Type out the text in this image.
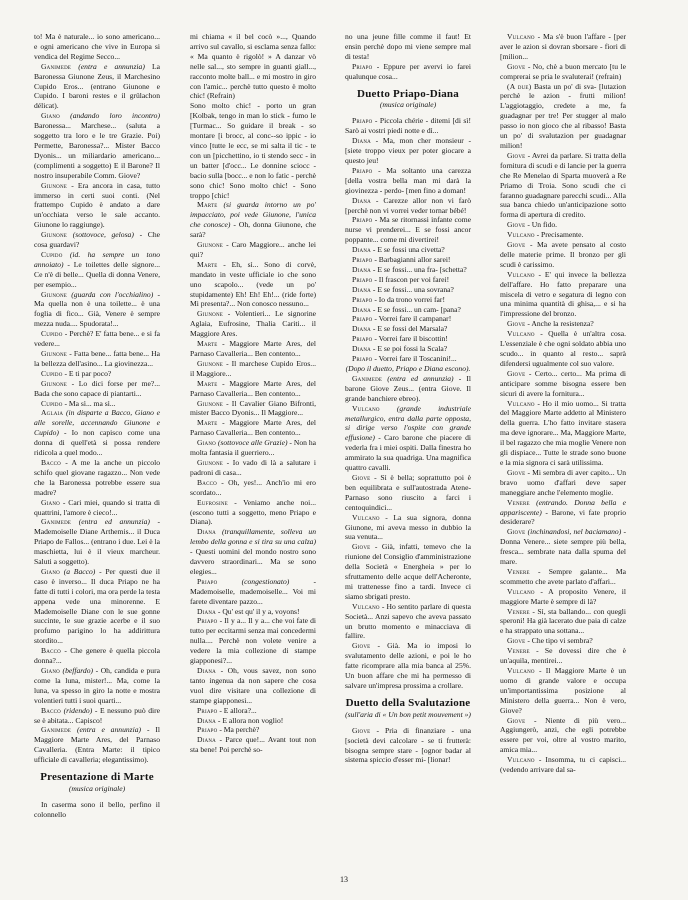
to! Ma è naturale... io sono americano... e ogni americano che vive in Europa si vendica del Regime Secco...

Ganimede (entra e annunzia) La Baronessa Giunone Zeus, il Marchesino Cupido Eros... (entranо Giunone e Cupido. I baroni restes e il grülachon délicat).

Giano (andando loro incontro) Baronessa... Marchese... (saluta a soggetto tra loro e le tre Grazie. Poi) Permette, Baronessa?... Mister Bacco Dyonis... un miliardario americano... (complimenti a soggetto) E il Barone? Il nostro insuperabile Comm. Giove?

Giunone - Era ancora in casa, tutto immerso in certi suoi conti. (Nel frattempo Cupido è andato a dare un'occhiata verso le sale accanto. Giunone lo raggiunge).

Giunone (sottovoce, gelosa) - Che cosa guardavi?

Cupido (id. ha sempre un tono annoiato) - Le toilettes delle signore... Ce n'è di belle... Quella di donna Venere, per esempio...

Giunone (guarda con l'occhialino) - Ma quella non è una toilette... è una foglia di fico... Già, Venere è sempre mezza nuda.... Spudorata!...

Cupido - Perchè? E' fatta bene... e si fa vedere...

Giunone - Fatta bene... fatta bene... Ha la bellezza dell'asino... La giovinezza...

Cupido - E ti par poco?

Giunone - Lo dici forse per me?... Bada che sono capace di piantarti...

Cupido - Ma sì... ma sì...

Aglaia (in disparte a Bacco, Giano e alle sorelle, accennando Giunone e Cupido) - Io non capisco come una donna di quell'età si possa rendere ridicola a quel modo...

Bacco - A me la anche un piccolo schifo quel giovane ragazzo... Non vede che la Baronessa potrebbe essere sua madre?

Giano - Cari miei, quando si tratta di quattrini, l'amore è cieco!...

Ganimede (entra ed annunzia) -Mademoiselle Diane Arthemis... il Duca Priapo de Fallos... (entrano i due. Lei è la maschietta, lui è il vieux marcheur. Saluti a soggetto).

Giano (a Bacco) - Per questi due il caso è inverso... Il duca Priapo ne ha fatte di tutti i colori, ma ora perde la testa appena vede una minorenne. E Mademoiselle Diane con le sue gonne succinte, le sue grazie acerbe e il suo profumo parigino lo ha addirittura stordito...

Bacco - Che genere è quella piccola donna?...

Giano (beffardo) - Oh, candida e pura come la luna, mister!... Ma, come la luna, va spesso in giro la notte e mostra volentieri tutti i suoi quarti...

Bacco (ridendo) - E nessuno può dire se è abitata... Capisco!

Ganimede (entra e annunzia) - Il Maggiore Marte Ares, del Parnaso Cavalleria. (Entra Marte: il tipico ufficiale di cavalleria; elegantissimo).

Presentazione di Marte
(musica originale)

In caserma sono il bello, perfino il colonnello

mi chiama « il bel cocò »..., Quando arrivo sul cavallo, si esclama senza fallo: « Ma quanto è rigolò! » A danzar vò nelle sal..., sto sempre in guanti giall..., racconto molte ball... e mi mostro in giro con l'amic... perchè tutto questo è molto chic! (Refrain)

Sono molto chic! - porto un gran [Kolbak, tengo in man lo stick - fumo le [Turmac... So guidare il break - so montare [i brocc, al conc--so ippic - io vinco [tutte le ecc, se mi salta il tic - te con un [picchettino, io ti stendo secc - in un batter [d'occ... Le donnine sciocc - bacio sulla [bocc... e non lo fatic - perchè sono chic! Sono molto chic! - Sono troppo [chic!

Marte (si guarda intorno un po' impacciato, poi vede Giunone, l'unica che conosce) - Oh, donna Giunone, che sarà?

Giunone - Caro Maggiore... anche lei qui?

Marte - Eh, sì... Sono di corvè, mandato in veste ufficiale io che sono uno scapolo... (vede un po' stupidamente) Eh! Eh! Eh!... (ride forte) Mi presenta?... Non conosco nessuno...

Giunone - Volentieri... Le signorine Aglaia, Eufrosine, Thalia Cariti... il Maggiore Ares.

Marte - Maggiore Marte Ares, del Parnaso Cavalleria... Ben contento...

Giunone - Il marchese Cupido Eros... il Maggiore...

Marte - Maggiore Marte Ares, del Parnaso Cavalleria... Ben contento...

Giunone - Il Cavalier Giano Bifronti, mister Bacco Dyonis... Il Maggiore...

Marte - Maggiore Marte Ares, del Parnaso Cavalleria... Ben contento...

Giano (sottovoce alle Grazie) - Non ha molta fantasia il guerriero...

Giunone - Io vado di là a salutare i padroni di casa...

Bacco - Oh, yes!... Anch'io mi ero scordato...

Eufrosine - Veniamo anche noi... (escono tutti a soggetto, meno Priapo e Diana).

Diana (tranquillamente, solleva un lembo della gonna e si tira su una calza) - Questi uomini del mondo nostro sono davvero straordinari... Ma se sono elegies...

Priapo	(congestionato)	- Mademoiselle, mademoiselle... Voi mi farete diventare pazzo...

Diana - Qu' est qu' il y a, voyons!

Priapo - Il y a... Il y a... che voi fate di tutto per eccitarmi senza mai concedermi nulla.... Perchè non volete venire a vedere la mia collezione di stampe giapponesi?...

Diana - Oh, vous savez, non sono tanto ingenua da non sapere che cosa vuol dire visitare una collezione di stampe giapponesi...

Priapo - E allora?...

Diana - E allora non voglio!

Priapo - Ma perchè?

Diana - Parce que!... Avant tout non sta bene! Poi perchè so-

no una jeune fille comme il faut! Et ensin perchè dopo mi viene sempre mal di testa!

Priapo - Eppure per avervi io farei qualunque cosa...

Duetto Priapo-Diana
(musica originale)

Priapo - Piccola chérie - ditemi [di sì! Sarò ai vostri piedi notte e dì...

Diana - Ma, mon cher monsieur - [siete troppo vieux per poter giocare a questo jeu!

Priapo - Ma soltanto una carezza [della vostra bella man mi darà la giovinezza - perdo- [men fino a doman!

Diana - Carezze allor non vi farò [perchè non vi vorrei veder tornar bébé!

Priapo - Ma se ritornassi infante come nurse vi prenderei... E se fossi ancor poppante... come mi divertirei!

Diana - E se fossi una civetta?

Priapo - Barbagianni allor sarei!

Diana - E se fossi... una fra- [schetta?

Priapo - Il frascon per voi farei!

Diana - E se fossi... una sovrana?

Priapo - Io da trono vorrei far!

Diana - E se fossi... un cam- [pana?

Priapo - Vorrei fare il campanar!

Diana - E se fossi del Marsala?

Priapo - Vorrei fare il biscottin!

Diana - E se poi fossi la Scala?

Priapo - Vorrei fare il Toscanini!...

(Dopo il duetto, Priapo e Diana escono).

Ganimede (entra ed annunzia) - Il barone Giove Zeus... (entra Giove. Il grande banchiere ebreo).

Vulcano (grande industriale metallurgico, entra dalla parte opposta, si dirige verso l'ospite con grande effusione) - Caro barone che piacere di vederla fra i miei ospiti. Dalla finestra ho ammirato la sua quadriga. Una magnifica quattro cavalli.

Giove - Sì è bella; soprattutto poi è ben equilibrata e sull'autostrada Atene-Parnaso sono riuscito a farci i centoquindici...

Vulcano - La sua signora, donna Giunone, mi aveva messo in dubbio la sua venuta...

Giove - Già, infatti, temevo che la riunione del Consiglio d'amministrazione della Società « Energheia » per lo sfruttamento delle acque dell'Acheronte, mi trattenesse fino a tardi. Invece ci siamo sbrigati presto.

Vulcano - Ho sentito parlare di questa Società... Anzi sapevo che aveva passato un brutto momento e minacciava di fallire.

Giove - Già. Ma io imposi lo svalutamento delle azioni, e poi le ho fatte ricomprare alla mia banca al 25%. Un buon affare che mi ha permesso di salvare un'impresa prossima a crollare.

Duetto della Svalutazione
(sull'aria di « Un bon petit mouvement »)

Giove - Pria di finanziare - una [società devi calcolare - se ti frutterà: bisogna sempre stare - [ognor badar al sistema spiccio d'esser mi- [lionar!

Vulcano - Ma s'è buon l'affare - [per aver le azion si dovran sborsare - fiori di [milion...

Giove - No, chè a buon mercato [tu le comprerai se pria le svaluterai! (refrain)

(A due) Basta un po' di sva- [lutazion perchè le azion - frutti milion! L'aggiotaggio, credete a me, fa guadagnar per tre! Per stugger al malo passo io non gioco che al ribasso! Basta un po' di svalutazion per guadagnar milion!

Giove - Avrei da parlare. Si tratta della fornitura di scudi e di lancie per la guerra che Re Menelao di Sparta muoverà a Re Priamo di Troia. Sono scudi che ci faranno guadagnare parecchi scudi... Alla sua banca chiedo un'anticipazione sotto forma di apertura di credito.

Giove - Un fido.

Vulcano - Precisamente.

Giove - Ma avete pensato al costo delle materie prime. Il bronzo per gli scudi è carissimo.

Vulcano - E' qui invece la bellezza dell'affare. Ho fatto preparare una miscela di vetro e segatura di legno con una minima quantità di ghisa,... e si ha l'impressione del bronzo.

Giove - Anche la resistenza?

Vulcano - Quella è un'altra cosa. L'essenziale è che ogni soldato abbia uno scudo... in quanto al resto... saprà difendersi ugualmente col suo valore.

Giove - Certo... certo... Ma prima di anticipare somme bisogna essere ben sicuri di avere la fornitura...

Vulcano - Ho il mio uomo... Si tratta del Maggiore Marte addetto al Ministero della guerra. L'ho fatto invitare stasera ma deve ignorare... Ma, Maggiore Marte, il bel ragazzo che mia moglie Venere non gli dispiace... Tutte le strade sono buone e la mia signora ci sarà utilissima.

Giove - Mi sembra di aver capito... Un bravo uomo d'affari deve saper maneggiare anche l'elemento moglie.

Venere (entrando. Donna bella e appariscente) - Barone, vi fate proprio desiderare?

Giove (inchinandosi, nel baciamano) - Donna Venere... siete sempre più bella, fresca... sembrate nata dalla spuma del mare.

Venere - Sempre galante... Ma scommetto che avete parlato d'affari...

Vulcano - A proposito Venere, il maggiore Marte è sempre di là?

Venere - Sì, sta ballando... con quegli speroni! Ha già lacerato due paia di calze e ha strappato una sottana...

Giove - Che tipo vi sembra?

Venere - Se dovessi dire che è un'aquila, mentirei...

Vulcano - Il Maggiore Marte è un uomo di grande valore e occupa un'importantissima posizione al Ministero della guerra... Non è vero, Giove?

Giove - Niente di più vero... Aggiungerò, anzi, che egli potrebbe essere per voi, oltre al vostro marito, amica mia...

Vulcano - Insomma, tu ci capisci... (vedendo arrivare dal sa-

13
